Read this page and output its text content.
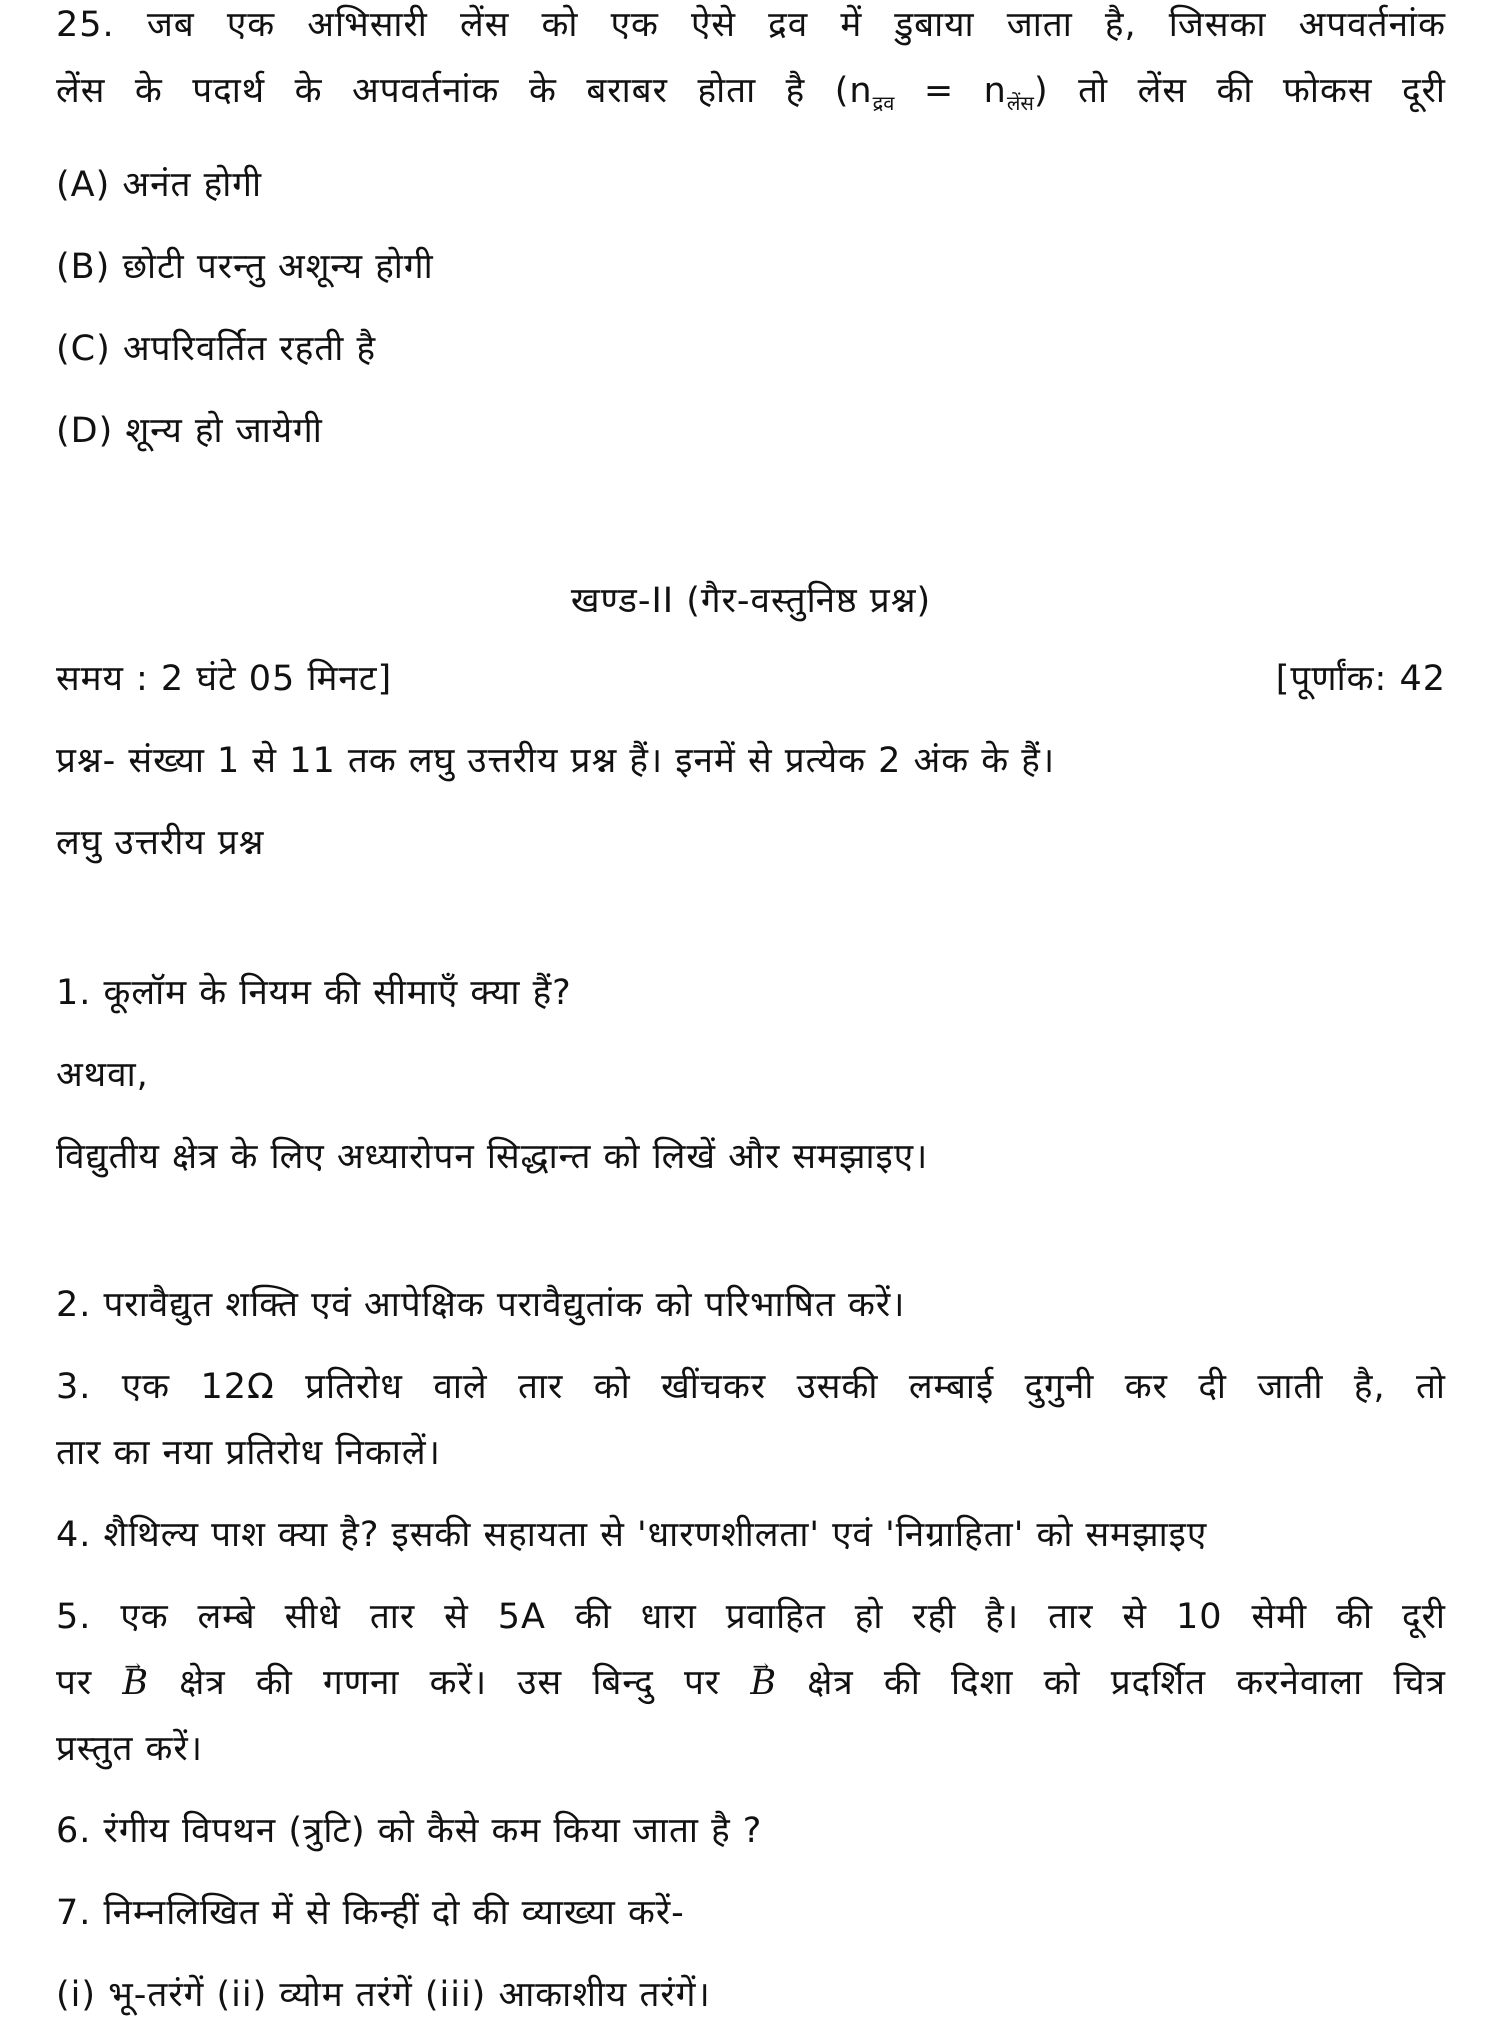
25. जब एक अभिसारी लेंस को एक ऐसे द्रव में डुबाया जाता है, जिसका अपवर्तनांक
लेंस के पदार्थ के अपवर्तनांक के बराबर होता है $(n_{द्रव} = n_{लेंस})$ तो लेंस की फोकस दूरी
(A) अनंत होगी
(B) छोटी परन्तु अशून्य होगी
(C) अपरिवर्तित रहती है
(D) शून्य हो जायेगी
खण्ड-II (गैर-वस्तुनिष्ठ प्रश्न)
समय : 2 घंटे 05 मिनट]	[पूर्णांक: 42
प्रश्न- संख्या 1 से 11 तक लघु उत्तरीय प्रश्न हैं। इनमें से प्रत्येक 2 अंक के हैं।
लघु उत्तरीय प्रश्न
1. कूलॉम के नियम की सीमाएँ क्या हैं?
अथवा,
विद्युतीय क्षेत्र के लिए अध्यारोपन सिद्धान्त को लिखें और समझाइए।
2. परावैद्युत शक्ति एवं आपेक्षिक परावैद्युतांक को परिभाषित करें।
3. एक 12Ω प्रतिरोध वाले तार को खींचकर उसकी लम्बाई दुगुनी कर दी जाती है, तो
तार का नया प्रतिरोध निकालें।
4. शैथिल्य पाश क्या है? इसकी सहायता से 'धारणशीलता' एवं 'निग्राहिता' को समझाइए
5. एक लम्बे सीधे तार से 5A की धारा प्रवाहित हो रही है। तार से 10 सेमी की दूरी
पर → B क्षेत्र की गणना करें। उस बिन्दु पर → B क्षेत्र की दिशा को प्रदर्शित करनेवाला चित्र
प्रस्तुत करें।
6. रंगीय विपथन (त्रुटि) को कैसे कम किया जाता है ?
7. निम्नलिखित में से किन्हीं दो की व्याख्या करें-
(i) भू-तरंगें (ii) व्योम तरंगें (iii) आकाशीय तरंगें।
